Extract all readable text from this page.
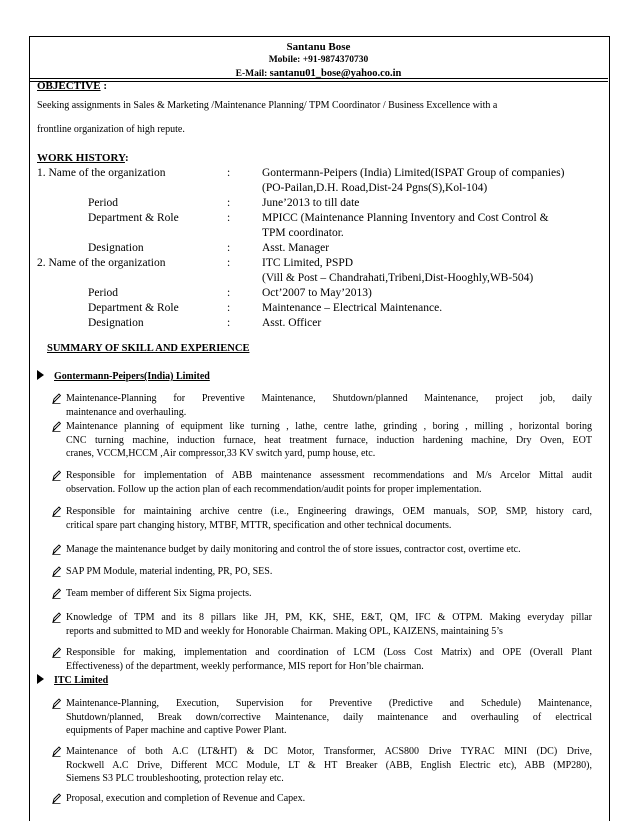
Santanu Bose
Mobile: +91-9874370730
E-Mail: santanu01_bose@yahoo.co.in
OBJECTIVE :
Seeking assignments in Sales & Marketing /Maintenance Planning/ TPM Coordinator / Business Excellence with a
frontline organization of high repute.
WORK HISTORY:
1. Name of the organization	:	Gontermann-Peipers (India) Limited(ISPAT Group of companies)
(PO-Pailan,D.H. Road,Dist-24 Pgns(S),Kol-104)
Period	:	June’2013 to till date
Department & Role	:	MPICC (Maintenance Planning Inventory and Cost Control &
TPM coordinator.
Designation	:	Asst. Manager
2. Name of the organization	:	ITC Limited, PSPD
(Vill & Post – Chandrahati,Tribeni,Dist-Hooghly,WB-504)
Period	:	Oct’2007 to May’2013)
Department & Role	:	Maintenance – Electrical Maintenance.
Designation	:	Asst. Officer
SUMMARY OF SKILL AND EXPERIENCE
Gontermann-Peipers(India) Limited
Maintenance-Planning for Preventive Maintenance, Shutdown/planned Maintenance, project job, daily
maintenance and overhauling.
Maintenance planning of equipment like turning , lathe, centre lathe, grinding , boring , milling , horizontal boring
CNC turning machine, induction furnace, heat treatment furnace, induction hardening machine, Dry Oven, EOT
cranes, VCCM,HCCM ,Air compressor,33 KV switch yard, pump house, etc.
Responsible for implementation of ABB maintenance assessment recommendations and M/s Arcelor Mittal audit
observation. Follow up the action plan of each recommendation/audit points for proper implementation.
Responsible for maintaining archive centre (i.e., Engineering drawings, OEM manuals, SOP, SMP, history card,
critical spare part changing history, MTBF, MTTR, specification and other technical documents.
Manage the maintenance budget by daily monitoring and control the of store issues, contractor cost, overtime etc.
SAP PM Module, material indenting, PR, PO, SES.
Team member of different Six Sigma projects.
Knowledge of TPM and its 8 pillars like JH, PM, KK, SHE, E&T, QM, IFC & OTPM. Making everyday pillar
reports and submitted to MD and weekly for Honorable Chairman. Making OPL, KAIZENS, maintaining 5’s
Responsible for making, implementation and coordination of LCM (Loss Cost Matrix) and OPE (Overall Plant
Effectiveness) of the department, weekly performance, MIS report for Hon’ble chairman.
ITC Limited
Maintenance-Planning, Execution, Supervision for Preventive (Predictive and Schedule) Maintenance,
Shutdown/planned, Break down/corrective Maintenance, daily maintenance and overhauling of electrical
equipments of Paper machine and captive Power Plant.
Maintenance of both A.C (LT&HT) & DC Motor, Transformer, ACS800 Drive TYRAC MINI (DC) Drive,
Rockwell A.C Drive, Different MCC Module, LT & HT Breaker (ABB, English Electric etc), ABB (MP280),
Siemens S3 PLC troubleshooting, protection relay etc.
Proposal, execution and completion of Revenue and Capex.
